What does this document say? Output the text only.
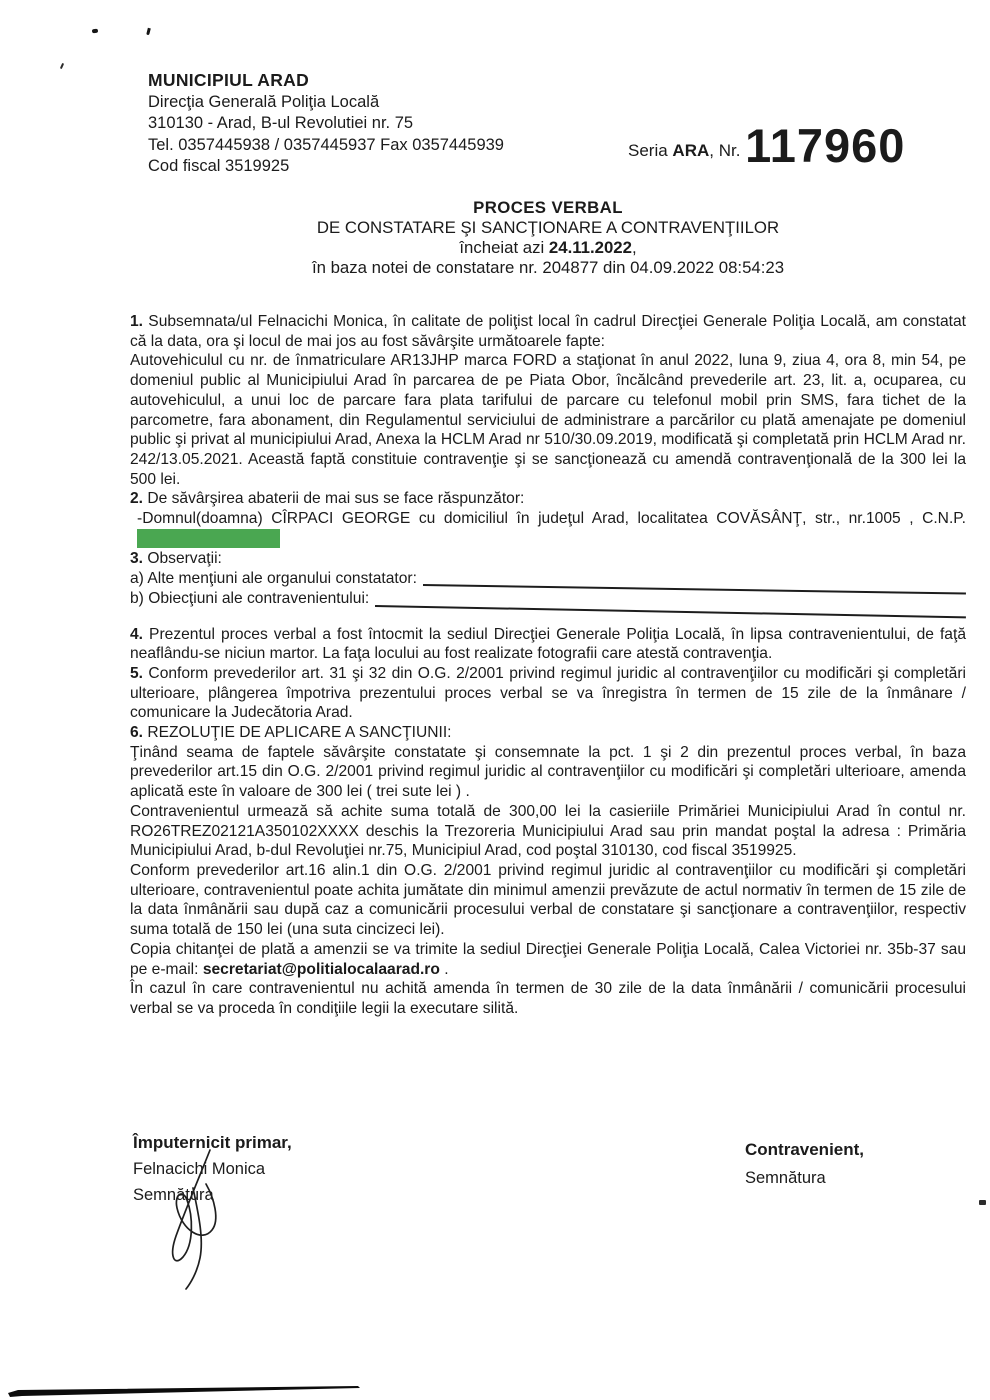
MUNICIPIUL ARAD
Direcţia Generală Poliţia Locală
310130 - Arad, B-ul Revolutiei nr. 75
Tel. 0357445938 / 0357445937 Fax 0357445939
Cod fiscal 3519925
Seria ARA, Nr. 117960
PROCES VERBAL
DE CONSTATARE ŞI SANCŢIONARE A CONTRAVENŢIILOR
încheiat azi 24.11.2022,
în baza notei de constatare nr. 204877 din 04.09.2022 08:54:23

1. Subsemnata/ul Felnacichi Monica, în calitate de poliţist local în cadrul Direcţiei Generale Poliţia Locală, am constatat că la data, ora şi locul de mai jos au fost săvârşite următoarele fapte:

Autovehiculul cu nr. de înmatriculare AR13JHP marca FORD a staţionat în anul 2022, luna 9, ziua 4, ora 8, min 54, pe domeniul public al Municipiului Arad în parcarea de pe Piata Obor, încălcând prevederile art. 23, lit. a, ocuparea, cu autovehiculul, a unui loc de parcare fara plata tarifului de parcare cu telefonul mobil prin SMS, fara tichet de la parcometre, fara abonament, din Regulamentul serviciului de administrare a parcărilor cu plată amenajate pe domeniul public şi privat al municipiului Arad, Anexa la HCLM Arad nr 510/30.09.2019, modificată şi completată prin HCLM Arad nr. 242/13.05.2021. Această faptă constituie contravenţie şi se sancţionează cu amendă contravenţională de la 300 lei la 500 lei.

2. De săvârşirea abaterii de mai sus se face răspunzător:

-Domnul(doamna) CÎRPACI GEORGE cu domiciliul în judeţul Arad, localitatea COVĂSÂNŢ, str., nr.1005 , C.N.P.

3. Observaţii:

a) Alte menţiuni ale organului constatator:
b) Obiecţiuni ale contravenientului:

4. Prezentul proces verbal a fost întocmit la sediul Direcţiei Generale Poliţia Locală, în lipsa contravenientului, de faţă neaflându-se niciun martor. La faţa locului au fost realizate fotografii care atestă contravenţia.

5. Conform prevederilor art. 31 şi 32 din O.G. 2/2001 privind regimul juridic al contravenţiilor cu modificări şi completări ulterioare, plângerea împotriva prezentului proces verbal se va înregistra în termen de 15 zile de la înmânare / comunicare la Judecătoria Arad.

6. REZOLUŢIE DE APLICARE A SANCŢIUNII:

Ţinând seama de faptele săvârşite constatate şi consemnate la pct. 1 şi 2 din prezentul proces verbal, în baza prevederilor art.15 din O.G. 2/2001 privind regimul juridic al contravenţiilor cu modificări şi completări ulterioare, amenda aplicată este în valoare de 300 lei ( trei sute lei ) .

Contravenientul urmează să achite suma totală de 300,00 lei la casieriile Primăriei Municipiului Arad în contul nr. RO26TREZ02121A350102XXXX deschis la Trezoreria Municipiului Arad sau prin mandat poştal la adresa : Primăria Municipiului Arad, b-dul Revoluţiei nr.75, Municipiul Arad, cod poştal 310130, cod fiscal 3519925.

Conform prevederilor art.16 alin.1 din O.G. 2/2001 privind regimul juridic al contravenţiilor cu modificări şi completări ulterioare, contravenientul poate achita jumătate din minimul amenzii prevăzute de actul normativ în termen de 15 zile de la data înmânării sau după caz a comunicării procesului verbal de constatare şi sancţionare a contravenţiilor, respectiv suma totală de 150 lei (una suta cincizeci lei).

Copia chitanţei de plată a amenzii se va trimite la sediul Direcţiei Generale Poliţia Locală, Calea Victoriei nr. 35b-37 sau pe e-mail: secretariat@politialocalaarad.ro .

În cazul în care contravenientul nu achită amenda în termen de 30 zile de la data înmânării / comunicării procesului verbal se va proceda în condiţiile legii la executare silită.

Împuternicit primar,
Felnacichi Monica
Semnătura
Contravenient,
Semnătura
